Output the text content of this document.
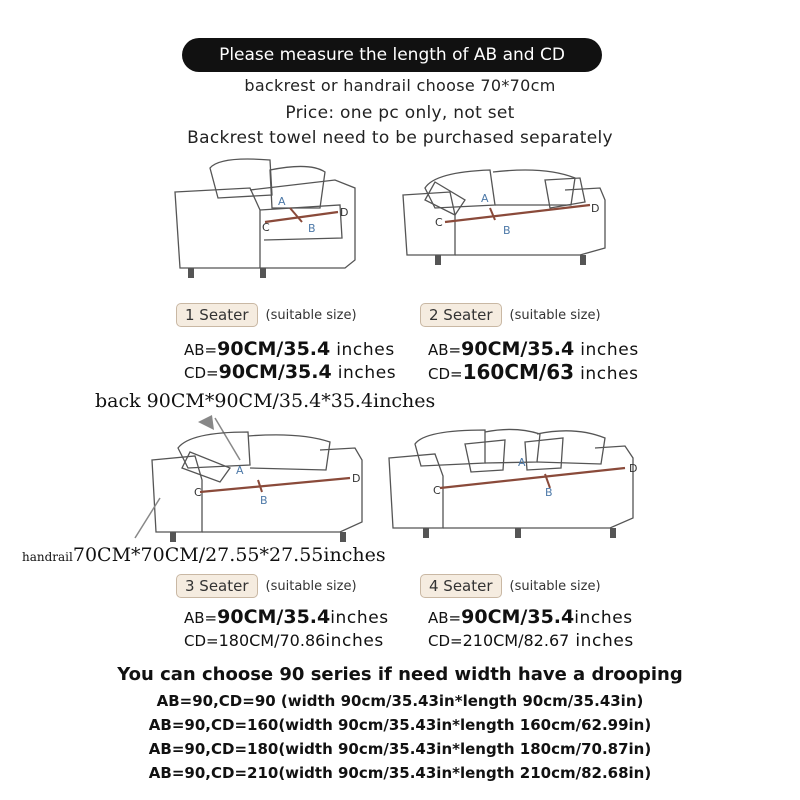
Please measure the length of AB and CD
backrest or handrail choose 70*70cm
Price: one pc only, not set
Backrest towel need to be purchased separately
A
B
C
D
A
B
C
D
1 Seater	(suitable size)
AB=90CM/35.4 inches
CD=90CM/35.4 inches
2 Seater	(suitable size)
AB=90CM/35.4 inches
CD=160CM/63 inches
back 90CM*90CM/35.4*35.4inches
A
B
C
D
A
B
C
D
handrail70CM*70CM/27.55*27.55inches
3 Seater	(suitable size)
AB=90CM/35.4inches
CD=180CM/70.86inches
4 Seater	(suitable size)
AB=90CM/35.4inches
CD=210CM/82.67 inches
You can choose 90 series if need width have a drooping
AB=90,CD=90 (width 90cm/35.43in*length 90cm/35.43in)
AB=90,CD=160(width 90cm/35.43in*length 160cm/62.99in)
AB=90,CD=180(width 90cm/35.43in*length 180cm/70.87in)
AB=90,CD=210(width 90cm/35.43in*length 210cm/82.68in)
